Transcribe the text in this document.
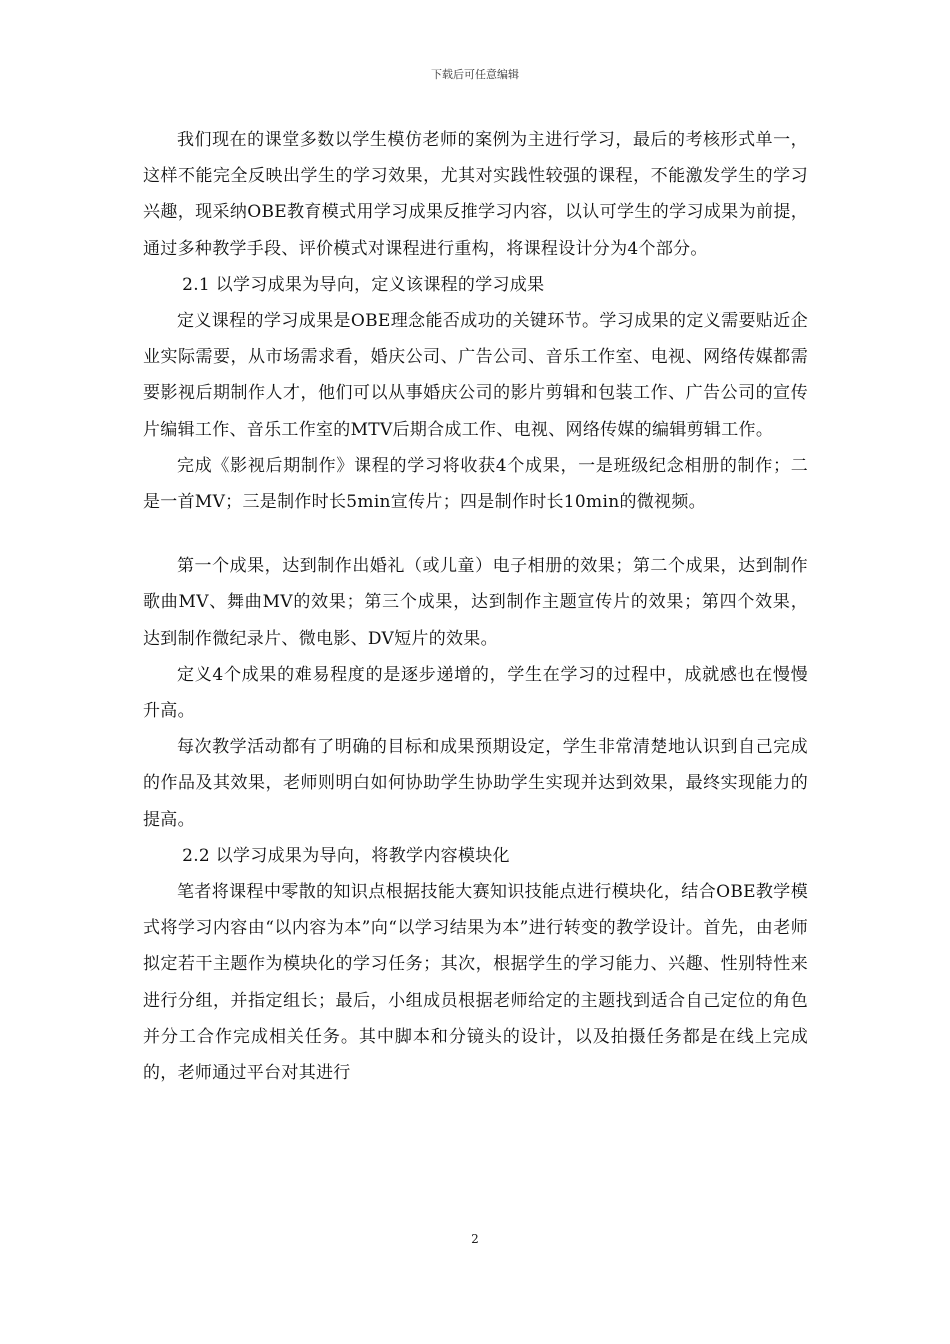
下载后可任意编辑

我们现在的课堂多数以学生模仿老师的案例为主进行学习，最后的考核形式单一，这样不能完全反映出学生的学习效果，尤其对实践性较强的课程，不能激发学生的学习兴趣，现采纳OBE教育模式用学习成果反推学习内容，以认可学生的学习成果为前提，通过多种教学手段、评价模式对课程进行重构，将课程设计分为4个部分。

2.1 以学习成果为导向，定义该课程的学习成果

定义课程的学习成果是OBE理念能否成功的关键环节。学习成果的定义需要贴近企业实际需要，从市场需求看，婚庆公司、广告公司、音乐工作室、电视、网络传媒都需要影视后期制作人才，他们可以从事婚庆公司的影片剪辑和包装工作、广告公司的宣传片编辑工作、音乐工作室的MTV后期合成工作、电视、网络传媒的编辑剪辑工作。

完成《影视后期制作》课程的学习将收获4个成果，一是班级纪念相册的制作；二是一首MV；三是制作时长5min宣传片；四是制作时长10min的微视频。

第一个成果，达到制作出婚礼（或儿童）电子相册的效果；第二个成果，达到制作歌曲MV、舞曲MV的效果；第三个成果，达到制作主题宣传片的效果；第四个效果，达到制作微纪录片、微电影、DV短片的效果。

定义4个成果的难易程度的是逐步递增的，学生在学习的过程中，成就感也在慢慢升高。

每次教学活动都有了明确的目标和成果预期设定，学生非常清楚地认识到自己完成的作品及其效果，老师则明白如何协助学生协助学生实现并达到效果，最终实现能力的提高。

2.2 以学习成果为导向，将教学内容模块化

笔者将课程中零散的知识点根据技能大赛知识技能点进行模块化，结合OBE教学模式将学习内容由“以内容为本”向“以学习结果为本”进行转变的教学设计。首先，由老师拟定若干主题作为模块化的学习任务；其次，根据学生的学习能力、兴趣、性别特性来进行分组，并指定组长；最后，小组成员根据老师给定的主题找到适合自己定位的角色并分工合作完成相关任务。其中脚本和分镜头的设计，以及拍摄任务都是在线上完成的，老师通过平台对其进行

2
